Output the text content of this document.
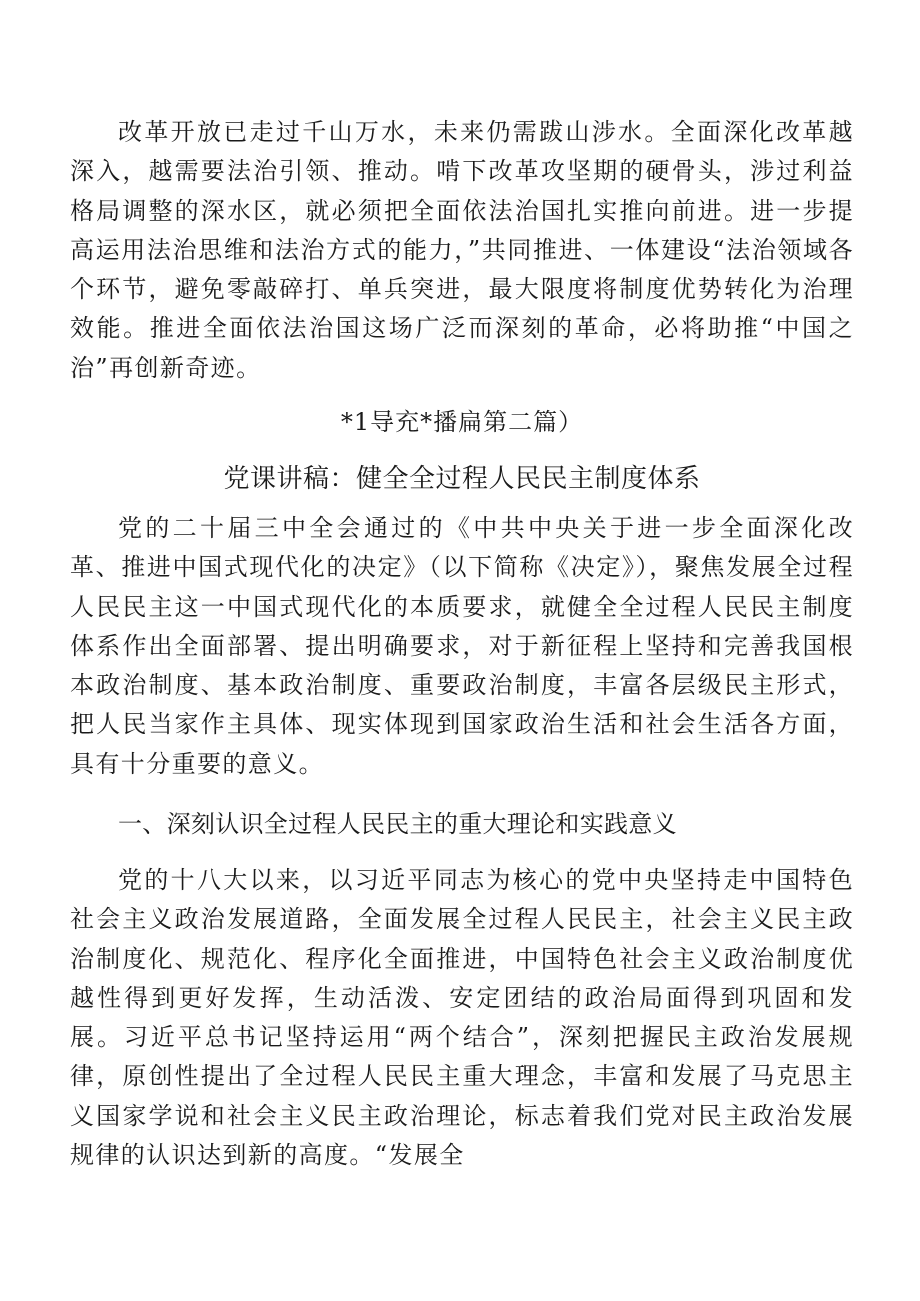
改革开放已走过千山万水，未来仍需跋山涉水。全面深化改革越深入，越需要法治引领、推动。啃下改革攻坚期的硬骨头，涉过利益格局调整的深水区，就必须把全面依法治国扎实推向前进。进一步提高运用法治思维和法治方式的能力，”共同推进、一体建设“法治领域各个环节，避免零敲碎打、单兵突进，最大限度将制度优势转化为治理效能。推进全面依法治国这场广泛而深刻的革命，必将助推“中国之治”再创新奇迹。

*1导充*播扁第二篇）

党课讲稿：健全全过程人民民主制度体系

党的二十届三中全会通过的《中共中央关于进一步全面深化改革、推进中国式现代化的决定》（以下简称《决定》），聚焦发展全过程人民民主这一中国式现代化的本质要求，就健全全过程人民民主制度体系作出全面部署、提出明确要求，对于新征程上坚持和完善我国根本政治制度、基本政治制度、重要政治制度，丰富各层级民主形式，把人民当家作主具体、现实体现到国家政治生活和社会生活各方面，具有十分重要的意义。

一、深刻认识全过程人民民主的重大理论和实践意义

党的十八大以来，以习近平同志为核心的党中央坚持走中国特色社会主义政治发展道路，全面发展全过程人民民主，社会主义民主政治制度化、规范化、程序化全面推进，中国特色社会主义政治制度优越性得到更好发挥，生动活泼、安定团结的政治局面得到巩固和发展。习近平总书记坚持运用“两个结合”，深刻把握民主政治发展规律，原创性提出了全过程人民民主重大理念，丰富和发展了马克思主义国家学说和社会主义民主政治理论，标志着我们党对民主政治发展规律的认识达到新的高度。“发展全
